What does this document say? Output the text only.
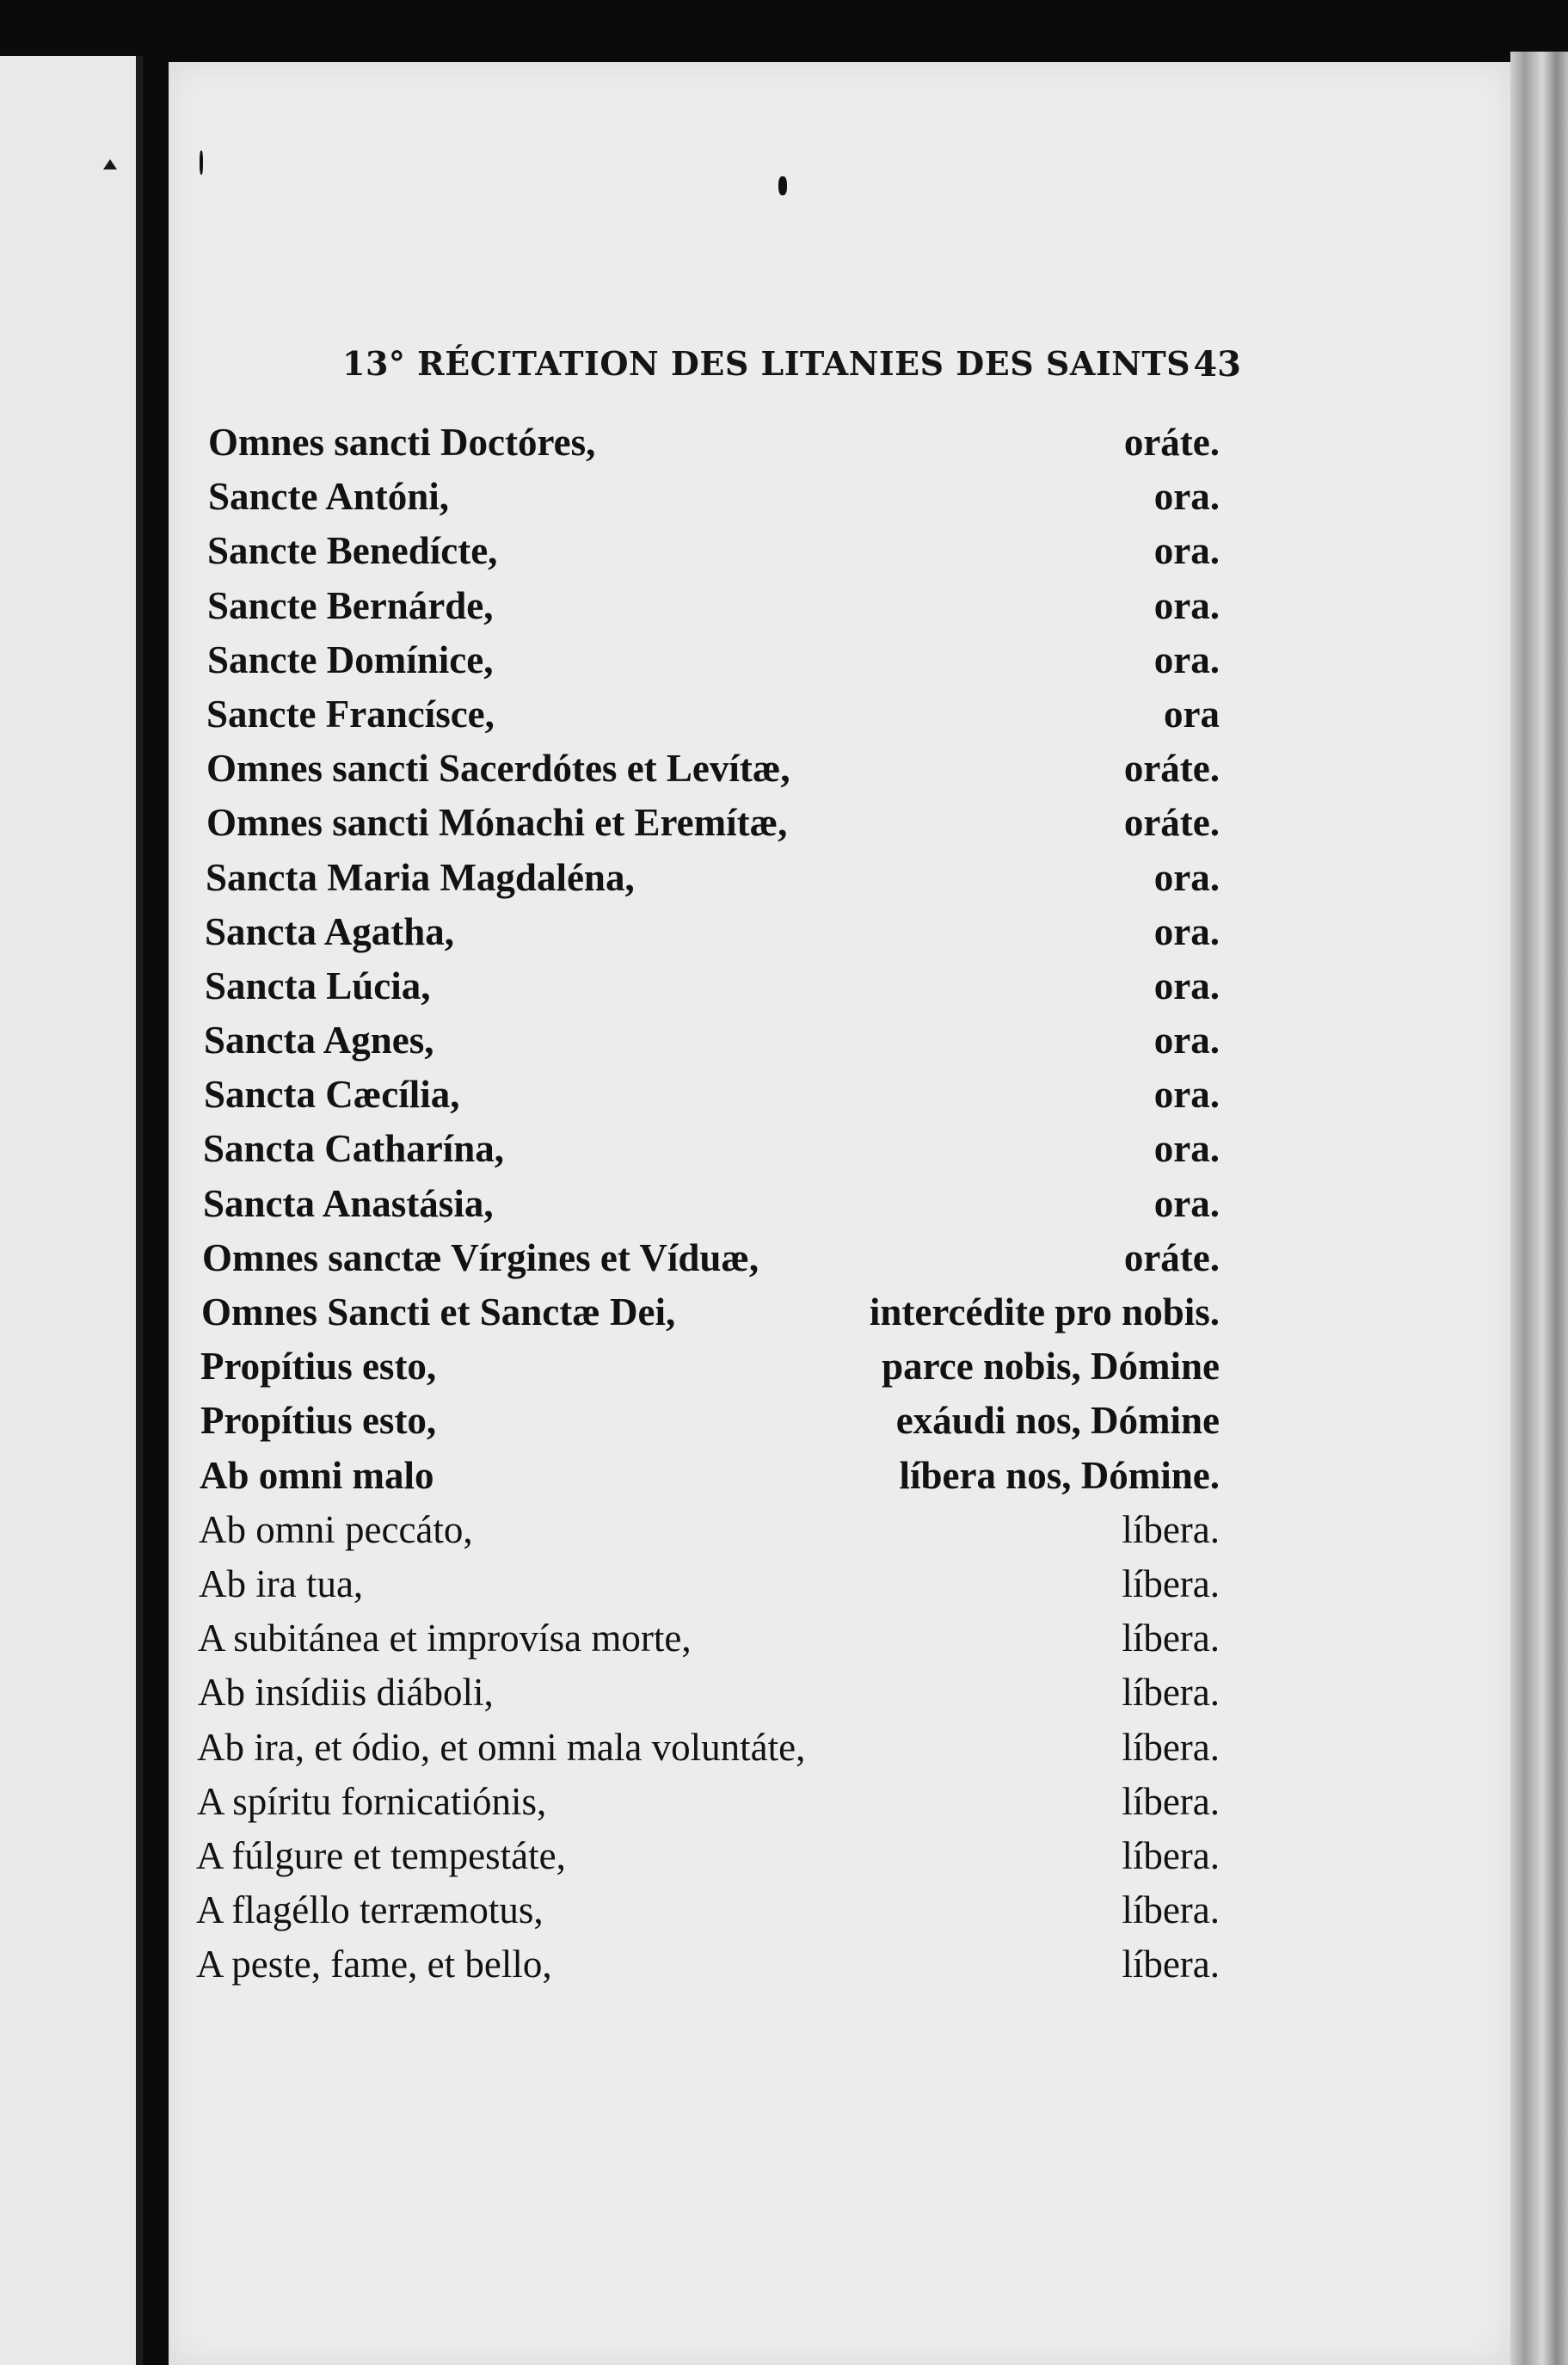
13° RÉCITATION DES LITANIES DES SAINTS 43
Omnes sancti Doctóres,	oráte.
Sancte Antóni,	ora.
Sancte Benedícte,	ora.
Sancte Bernárde,	ora.
Sancte Domínice,	ora.
Sancte Francísce,	ora
Omnes sancti Sacerdótes et Levítæ,	oráte.
Omnes sancti Mónachi et Eremítæ,	oráte.
Sancta Maria Magdaléna,	ora.
Sancta Agatha,	ora.
Sancta Lúcia,	ora.
Sancta Agnes,	ora.
Sancta Cæcília,	ora.
Sancta Catharína,	ora.
Sancta Anastásia,	ora.
Omnes sanctæ Vírgines et Víduæ,	oráte.
Omnes Sancti et Sanctæ Dei,	intercédite pro nobis.
Propítius esto,	parce nobis, Dómine
Propítius esto,	exáudi nos, Dómine
Ab omni malo	líbera nos, Dómine.
Ab omni peccáto,	líbera.
Ab ira tua,	líbera.
A subitánea et improvísa morte,	líbera.
Ab insídiis diáboli,	líbera.
Ab ira, et ódio, et omni mala voluntáte,	líbera.
A spíritu fornicatiónis,	líbera.
A fúlgure et tempestáte,	líbera.
A flagéllo terræmotus,	líbera.
A peste, fame, et bello,	líbera.
